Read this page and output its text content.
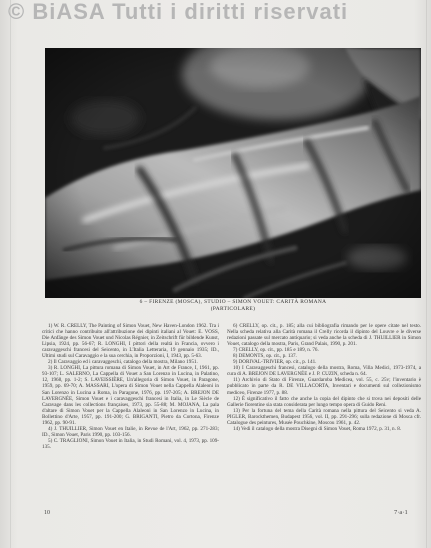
© BiASA Tutti i diritti riservati
6 – FIRENZE (MOSCA), STUDIO – SIMON VOUET: CARITÀ ROMANA
(PARTICOLARE)

1) W. R. CRELLY, The Painting of Simon Vouet, New Haven-London 1962. Tra i critici che hanno contribuito all'attribuzione dei dipinti italiani al Vouet: E. VOSS, Die Anfänge des Simon Vouet und Nicolas Régnier, in Zeitschrift für bildende Kunst, Lipsia, 1924, pp. 56-67; R. LONGHI, I pittori della realtà in Francia, ovvero i caravaggeschi francesi del Seicento, in L'Italia Letteraria, 19 gennaio 1935; ID., Ultimi studi sul Caravaggio e la sua cerchia, in Proporzioni, I, 1943, pp. 5-63.

2) Il Caravaggio ed i caravaggeschi, catalogo della mostra, Milano 1951.

3) R. LONGHI, La pittura romana di Simon Vouet, in Art de France, I, 1961, pp. 93-107; L. SALERNO, La Cappella di Vouet a San Lorenzo in Lucina, in Palatino, 12, 1968, pp. 1-2; S. LAVEISSIÈRE, Un'allegoria di Simon Vouet, in Paragone, 1959, pp. 69-70; A. MASSARI, L'opera di Simon Vouet nella Cappella Alaleoni in San Lorenzo in Lucina a Roma, in Paragone, 1976, pp. 197-205; A. BREJON DE LAVERGNÉE, Simon Vouet e i caravaggeschi francesi in Italia, in Le Siècle de Caravage dans les collections françaises, 1973, pp. 55-88; M. MOJANA, La pala d'altare di Simon Vouet per la Cappella Alaleoni in San Lorenzo in Lucina, in Bollettino d'Arte, 1957, pp. 191-200; G. BRIGANTI, Pietro da Cortona, Firenze 1962, pp. 90-91.

4) J. THUILLIER, Simon Vouet en Italie, in Revue de l'Art, 1962, pp. 271-283; ID., Simon Vouet, Paris 1990, pp. 103-156.

5) C. TRAGLIONI, Simon Vouet in Italia, in Studi Romani, vol. 4, 1973, pp. 109-135.

6) CRELLY, op. cit., p. 185; alla cui bibliografia rimando per le opere citate nel testo. Nella scheda relativa alla Carità romana il Crelly ricorda il dipinto del Louvre e le diverse redazioni passate sul mercato antiquario; si veda anche la scheda di J. THUILLIER in Simon Vouet, catalogo della mostra, Paris, Grand Palais, 1990, p. 201.

7) CRELLY, op. cit., pp. 185 e 189, n. 76.

8) DEMONTS, op. cit., p. 137.

9) DORIVAL-TRIVIER, op. cit., p. 141.

10) I Caravaggeschi francesi, catalogo della mostra, Roma, Villa Medici, 1973-1974, a cura di A. BREJON DE LAVERGNÉE e J. P. CUZIN, scheda n. 64.

11) Archivio di Stato di Firenze, Guardaroba Medicea, vol. 55, c. 25v; l'inventario è pubblicato in parte da R. DE VILLACORTA, Inventari e documenti sul collezionismo mediceo, Firenze 1977, p. 88.

12) È significativo il fatto che anche la copia del dipinto che si trova nei depositi delle Gallerie fiorentine sia stata considerata per lungo tempo opera di Guido Reni.

13) Per la fortuna del tema della Carità romana nella pittura del Seicento si veda A. PIGLER, Barockthemen, Budapest 1956, vol. II, pp. 291-296; sulla redazione di Mosca cfr. Catalogue des peintures, Musée Pouchkine, Moscou 1961, p. 42.

14) Vedi il catalogo della mostra Disegni di Simon Vouet, Roma 1972, p. 31, n. 8.

10	7·a·1
